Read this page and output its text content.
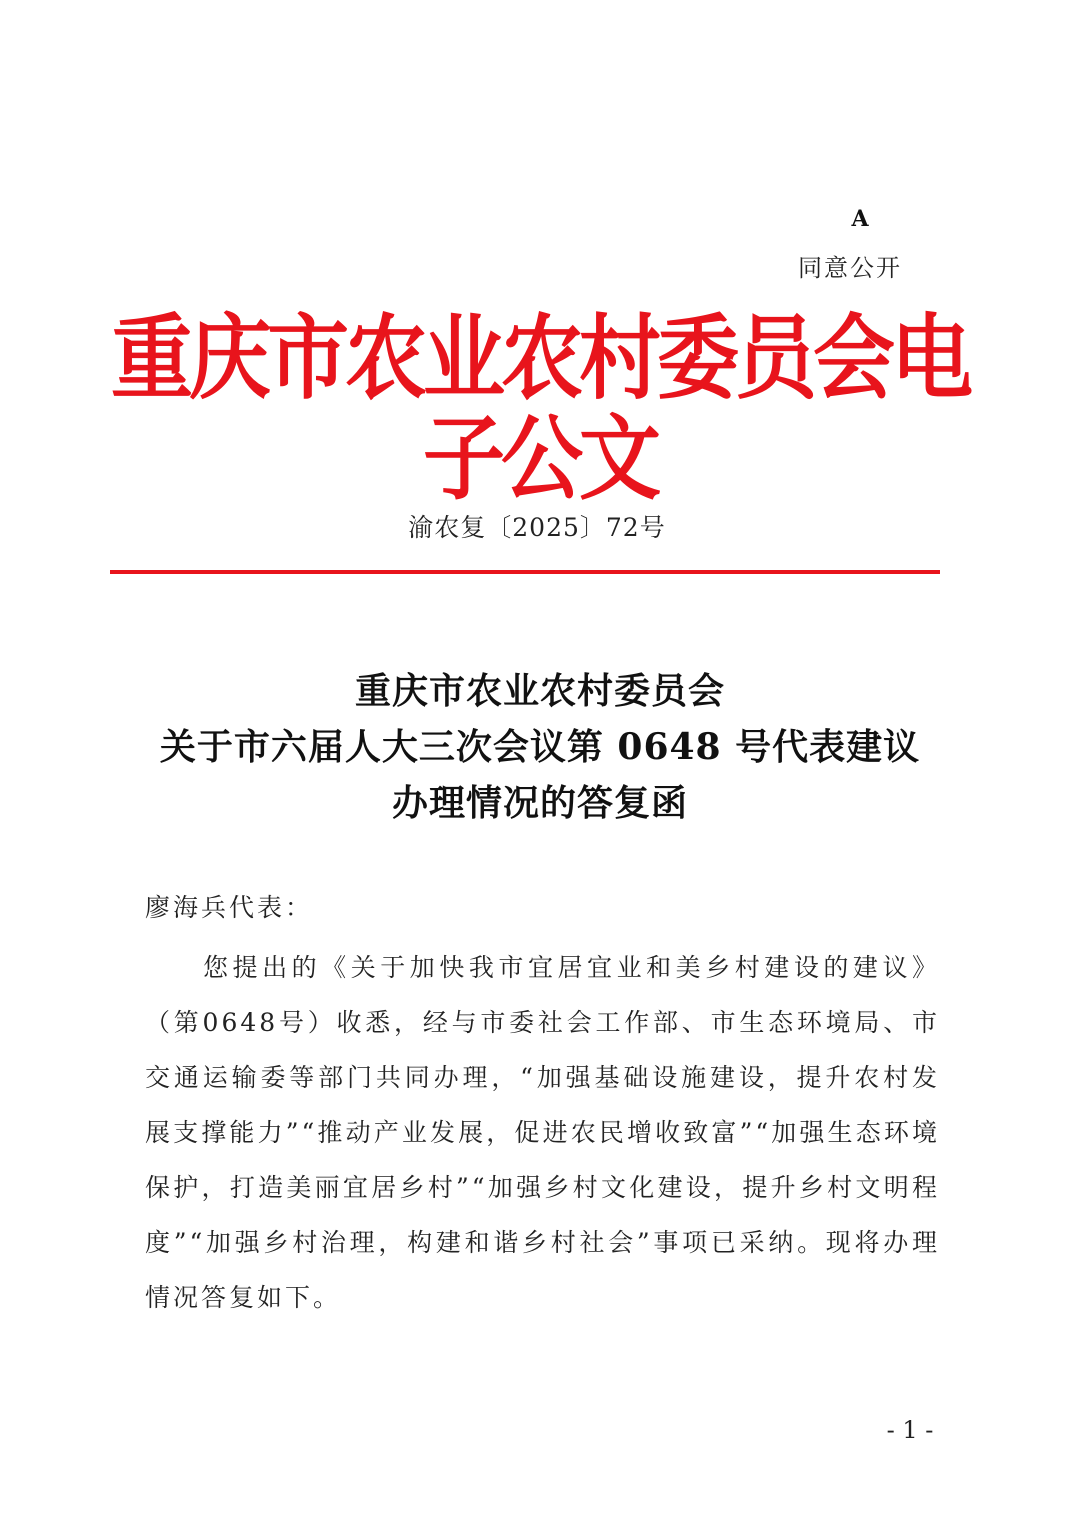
A
同意公开
重庆市农业农村委员会电子公文
渝农复〔2025〕72号
重庆市农业农村委员会
关于市六届人大三次会议第 0648 号代表建议
办理情况的答复函
廖海兵代表：
您提出的《关于加快我市宜居宜业和美乡村建设的建议》（第0648号）收悉，经与市委社会工作部、市生态环境局、市交通运输委等部门共同办理，“加强基础设施建设，提升农村发展支撑能力”“推动产业发展，促进农民增收致富”“加强生态环境保护，打造美丽宜居乡村”“加强乡村文化建设，提升乡村文明程度”“加强乡村治理，构建和谐乡村社会”事项已采纳。现将办理情况答复如下。
- 1 -
